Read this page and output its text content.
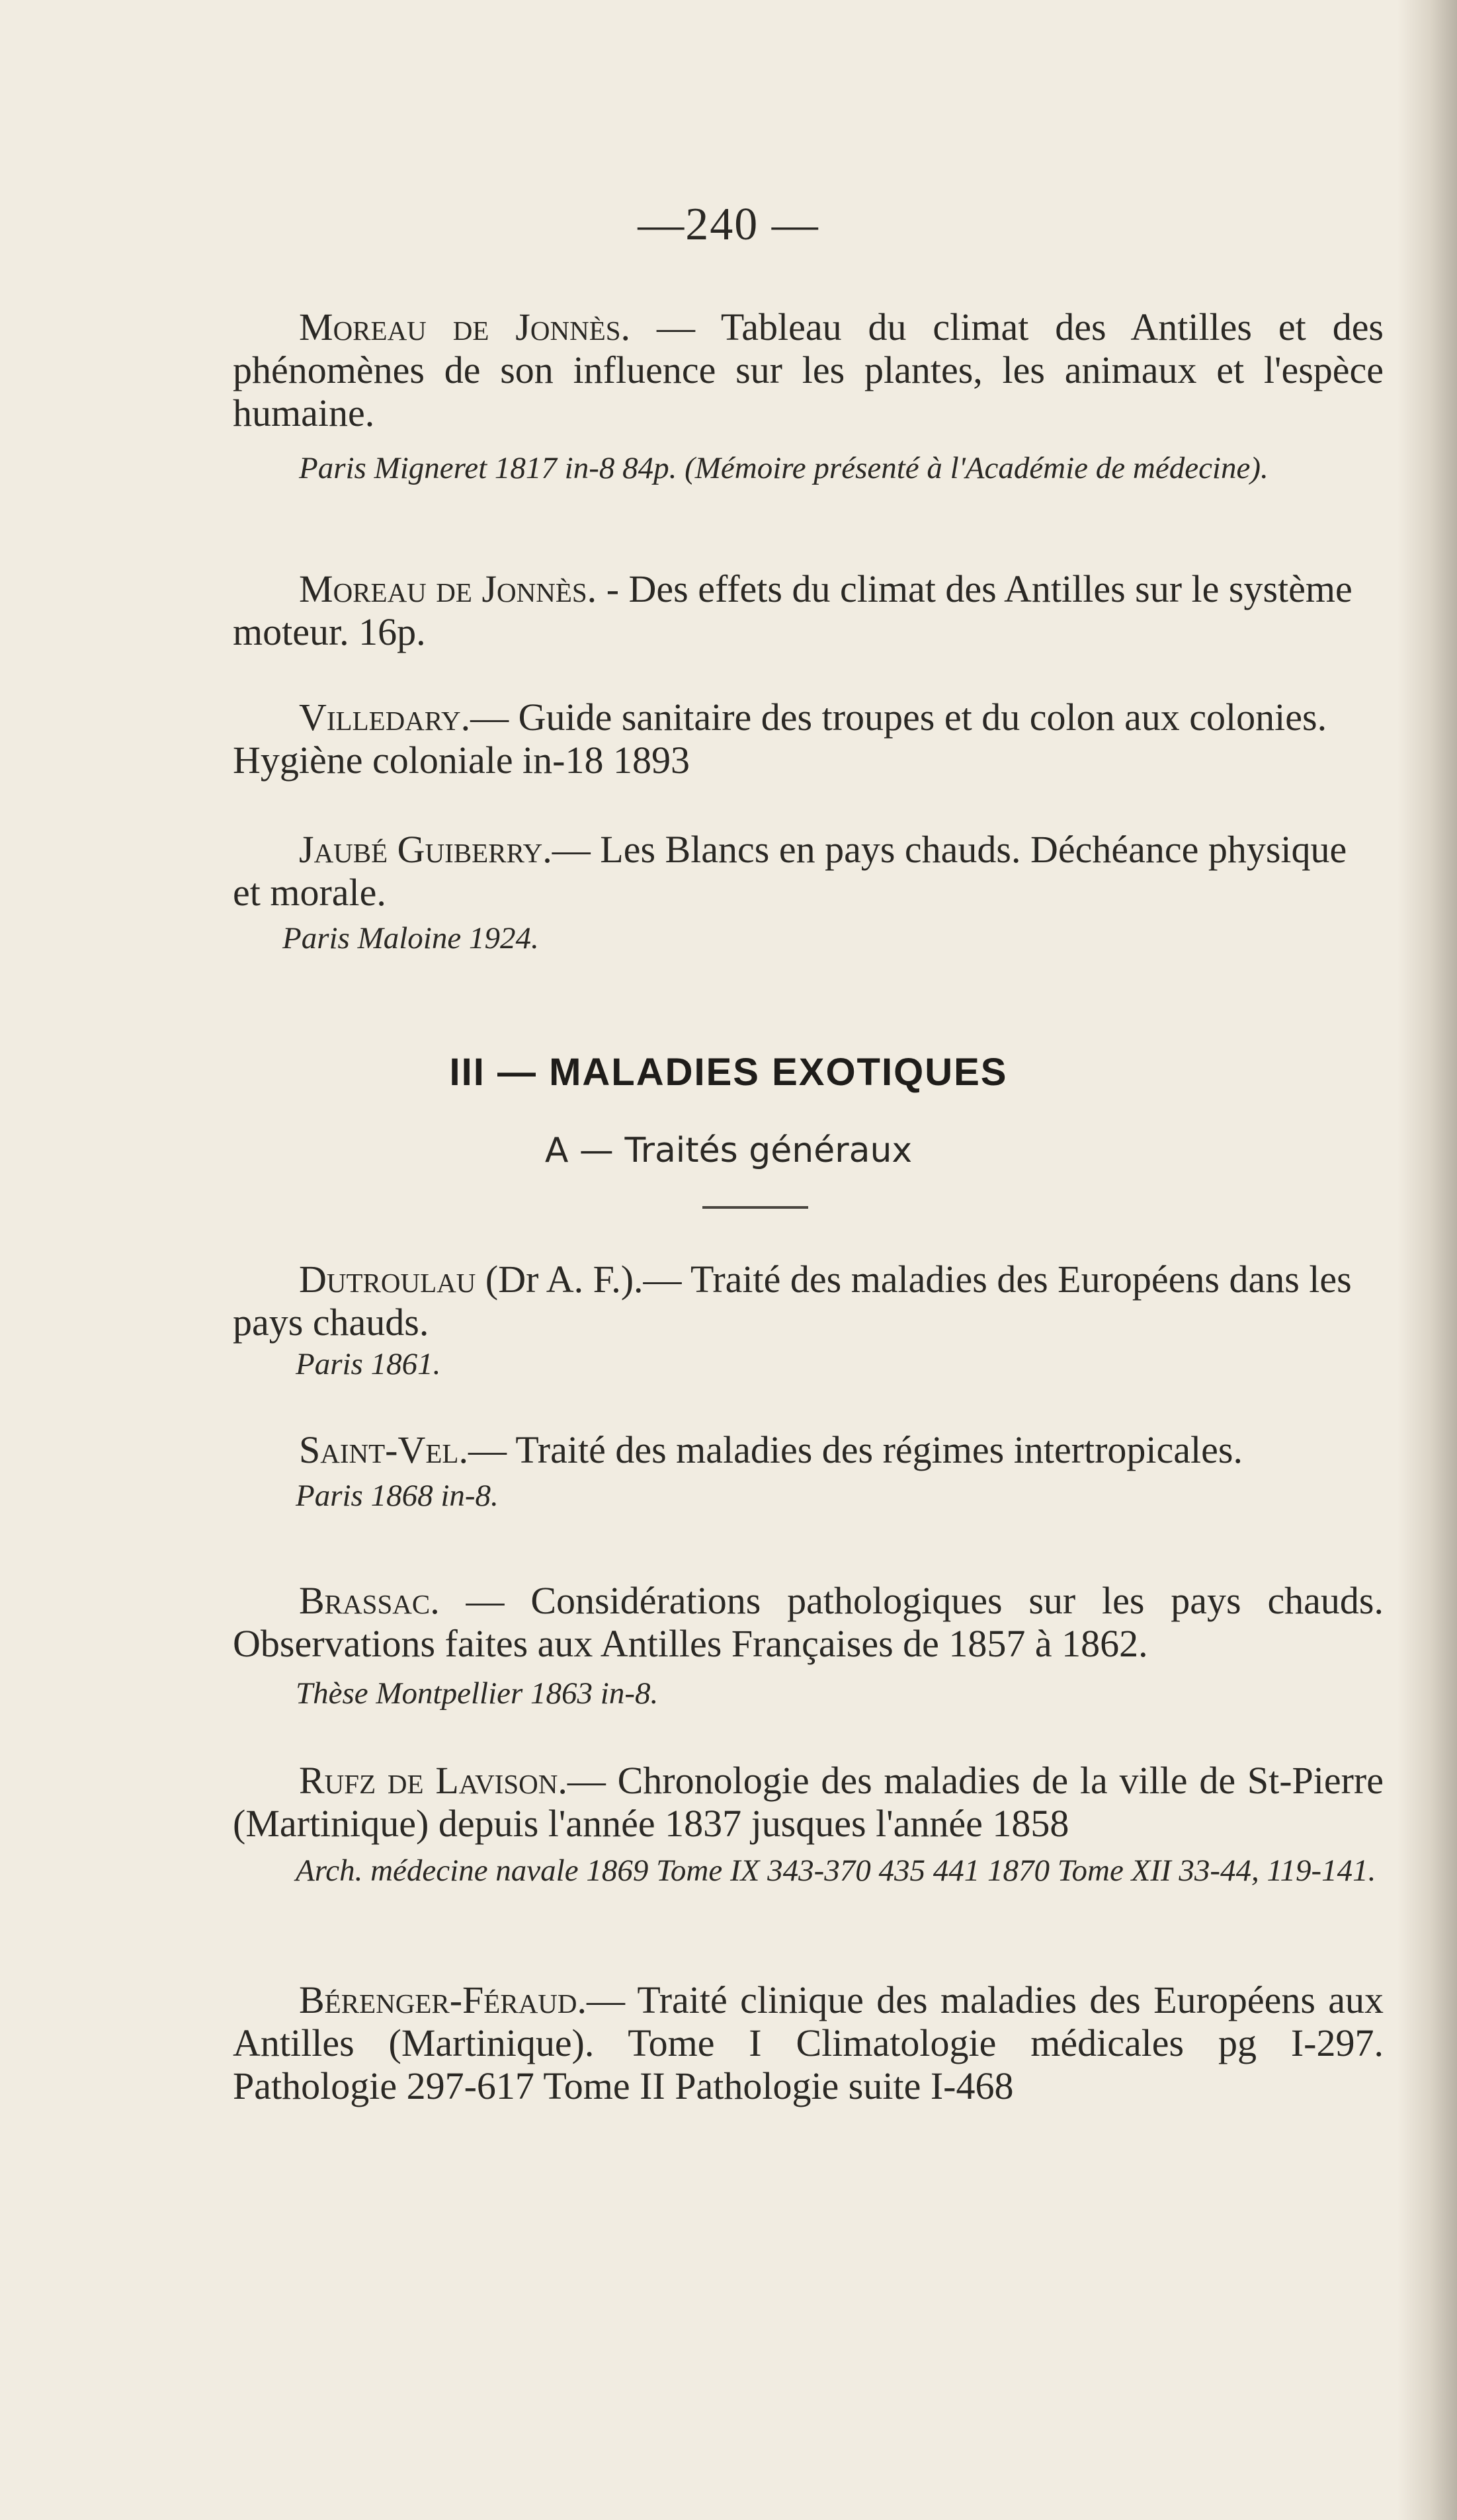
—240 —
Moreau de Jonnès. — Tableau du climat des Antilles et des phénomènes de son influence sur les plantes, les animaux et l'espèce humaine.
Paris Migneret 1817 in-8 84p. (Mémoire présenté à l'Académie de médecine).
Moreau de Jonnès. - Des effets du climat des Antilles sur le système moteur. 16p.
Villedary.— Guide sanitaire des troupes et du colon aux colonies. Hygiène coloniale in-18 1893
Jaubé Guiberry.— Les Blancs en pays chauds. Déchéance physique et morale.
Paris Maloine 1924.
III — MALADIES EXOTIQUES
A — Traités généraux
Dutroulau (Dr A. F.).— Traité des maladies des Européens dans les pays chauds.
Paris 1861.
Saint-Vel.— Traité des maladies des régimes intertropicales.
Paris 1868 in-8.
Brassac. — Considérations pathologiques sur les pays chauds. Observations faites aux Antilles Françaises de 1857 à 1862.
Thèse Montpellier 1863 in-8.
Rufz de Lavison.— Chronologie des maladies de la ville de St-Pierre (Martinique) depuis l'année 1837 jusques l'année 1858
Arch. médecine navale 1869 Tome IX 343-370 435 441 1870 Tome XII 33-44, 119-141.
Bérenger-Féraud.— Traité clinique des maladies des Européens aux Antilles (Martinique). Tome I Climatologie médicales pg I-297. Pathologie 297-617 Tome II Pathologie suite I-468
